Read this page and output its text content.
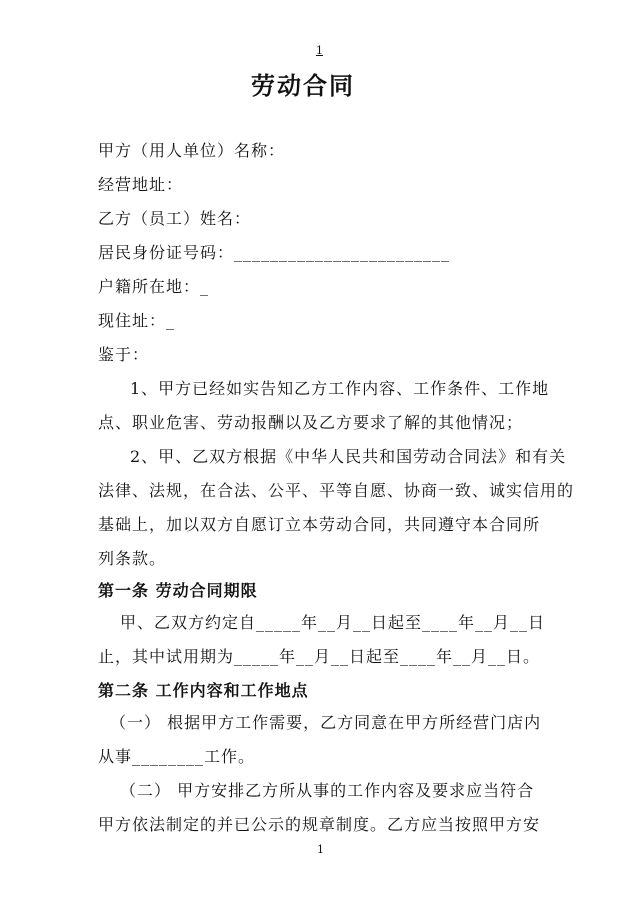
1
劳动合同
甲方（用人单位）名称：
经营地址：
乙方（员工）姓名：
居民身份证号码：________________________
户籍所在地：_
现住址：_
鉴于：
1、甲方已经如实告知乙方工作内容、工作条件、工作地
点、职业危害、劳动报酬以及乙方要求了解的其他情况；
2、甲、乙双方根据《中华人民共和国劳动合同法》和有关
法律、法规，在合法、公平、平等自愿、协商一致、诚实信用的
基础上，加以双方自愿订立本劳动合同，共同遵守本合同所
列条款。
第一条 劳动合同期限
甲、乙双方约定自_____年__月__日起至____年__月__日
止，其中试用期为_____年__月__日起至____年__月__日。
第二条 工作内容和工作地点
（一） 根据甲方工作需要，乙方同意在甲方所经营门店内
从事________工作。
（二） 甲方安排乙方所从事的工作内容及要求应当符合
甲方依法制定的并已公示的规章制度。乙方应当按照甲方安
1
